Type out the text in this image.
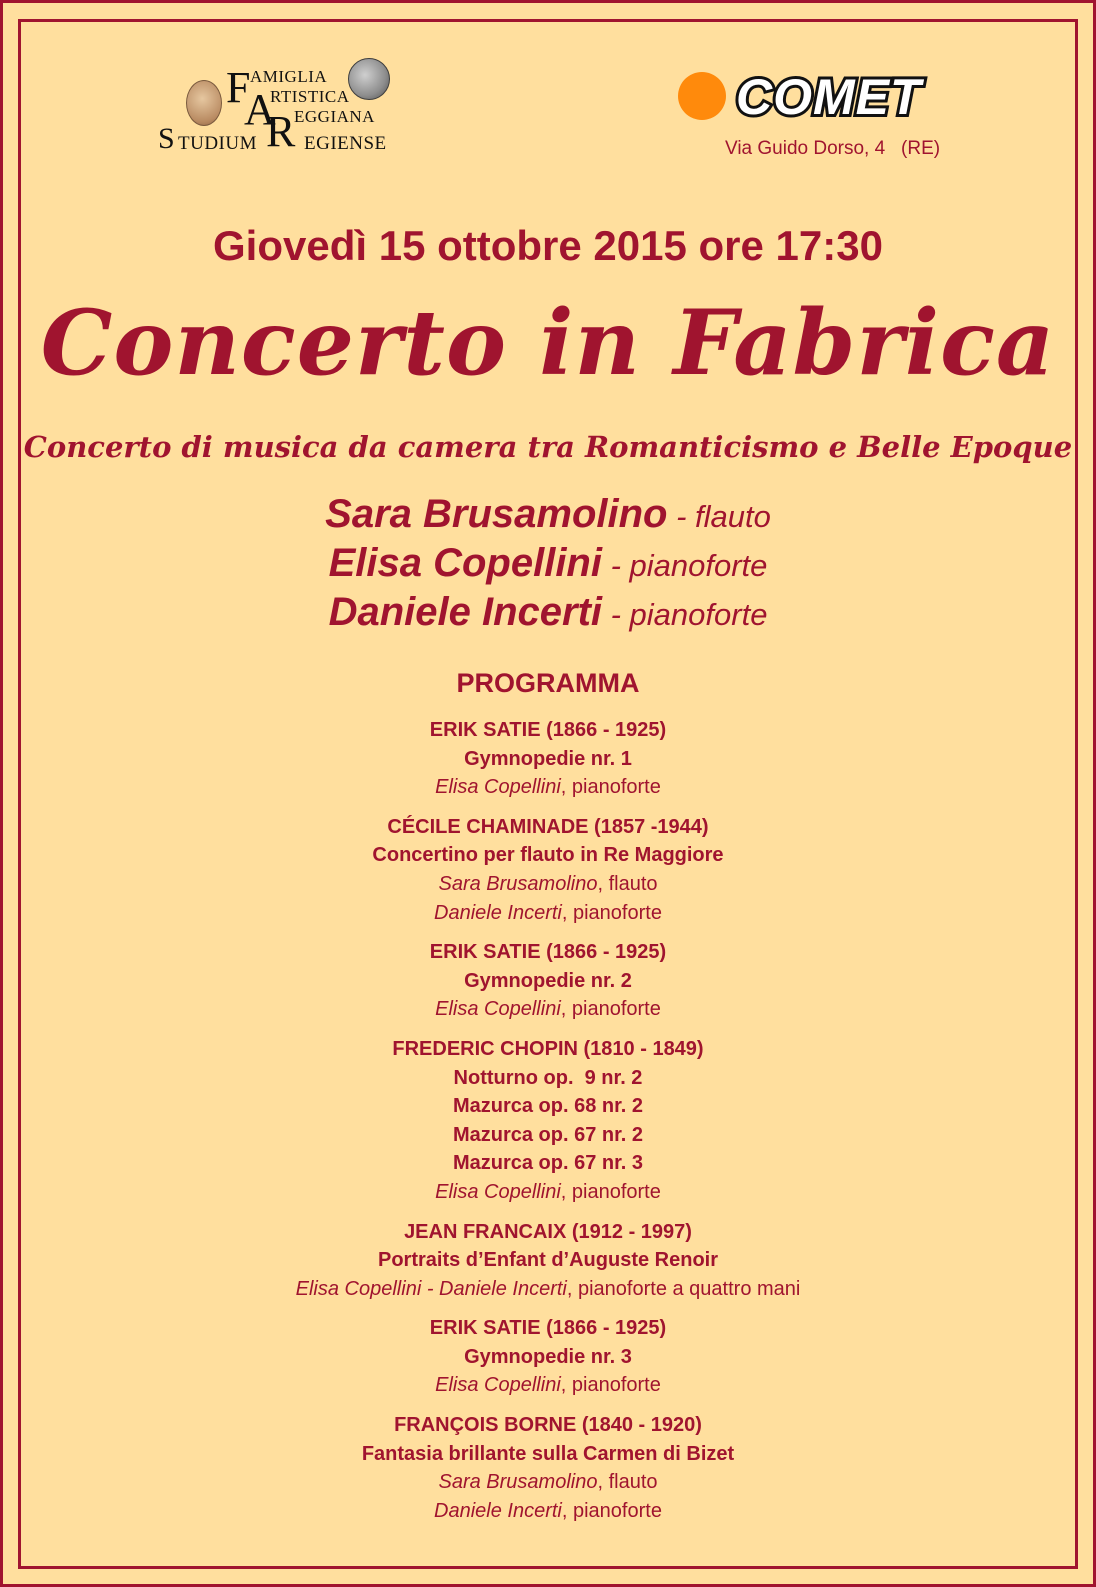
F AMIGLIA
A
RTISTICA
R
EGGIANA
S TUDIUM EGIENSE
COMET
Via Guido Dorso, 4   (RE)
Giovedì 15 ottobre 2015 ore 17:30
Concerto in Fabrica
Concerto di musica da camera tra Romanticismo e Belle Epoque
Sara Brusamolino - flauto
Elisa Copellini - pianoforte
Daniele Incerti - pianoforte
PROGRAMMA
ERIK SATIE (1866 - 1925)
Gymnopedie nr. 1
Elisa Copellini, pianoforte
CÉCILE CHAMINADE (1857 -1944)
Concertino per flauto in Re Maggiore
Sara Brusamolino, flauto
Daniele Incerti, pianoforte
ERIK SATIE (1866 - 1925)
Gymnopedie nr. 2
Elisa Copellini, pianoforte
FREDERIC CHOPIN (1810 - 1849)
Notturno op.  9 nr. 2
Mazurca op. 68 nr. 2
Mazurca op. 67 nr. 2
Mazurca op. 67 nr. 3
Elisa Copellini, pianoforte
JEAN FRANCAIX (1912 - 1997)
Portraits d’Enfant d’Auguste Renoir
Elisa Copellini - Daniele Incerti, pianoforte a quattro mani
ERIK SATIE (1866 - 1925)
Gymnopedie nr. 3
Elisa Copellini, pianoforte
FRANÇOIS BORNE (1840 - 1920)
Fantasia brillante sulla Carmen di Bizet
Sara Brusamolino, flauto
Daniele Incerti, pianoforte
